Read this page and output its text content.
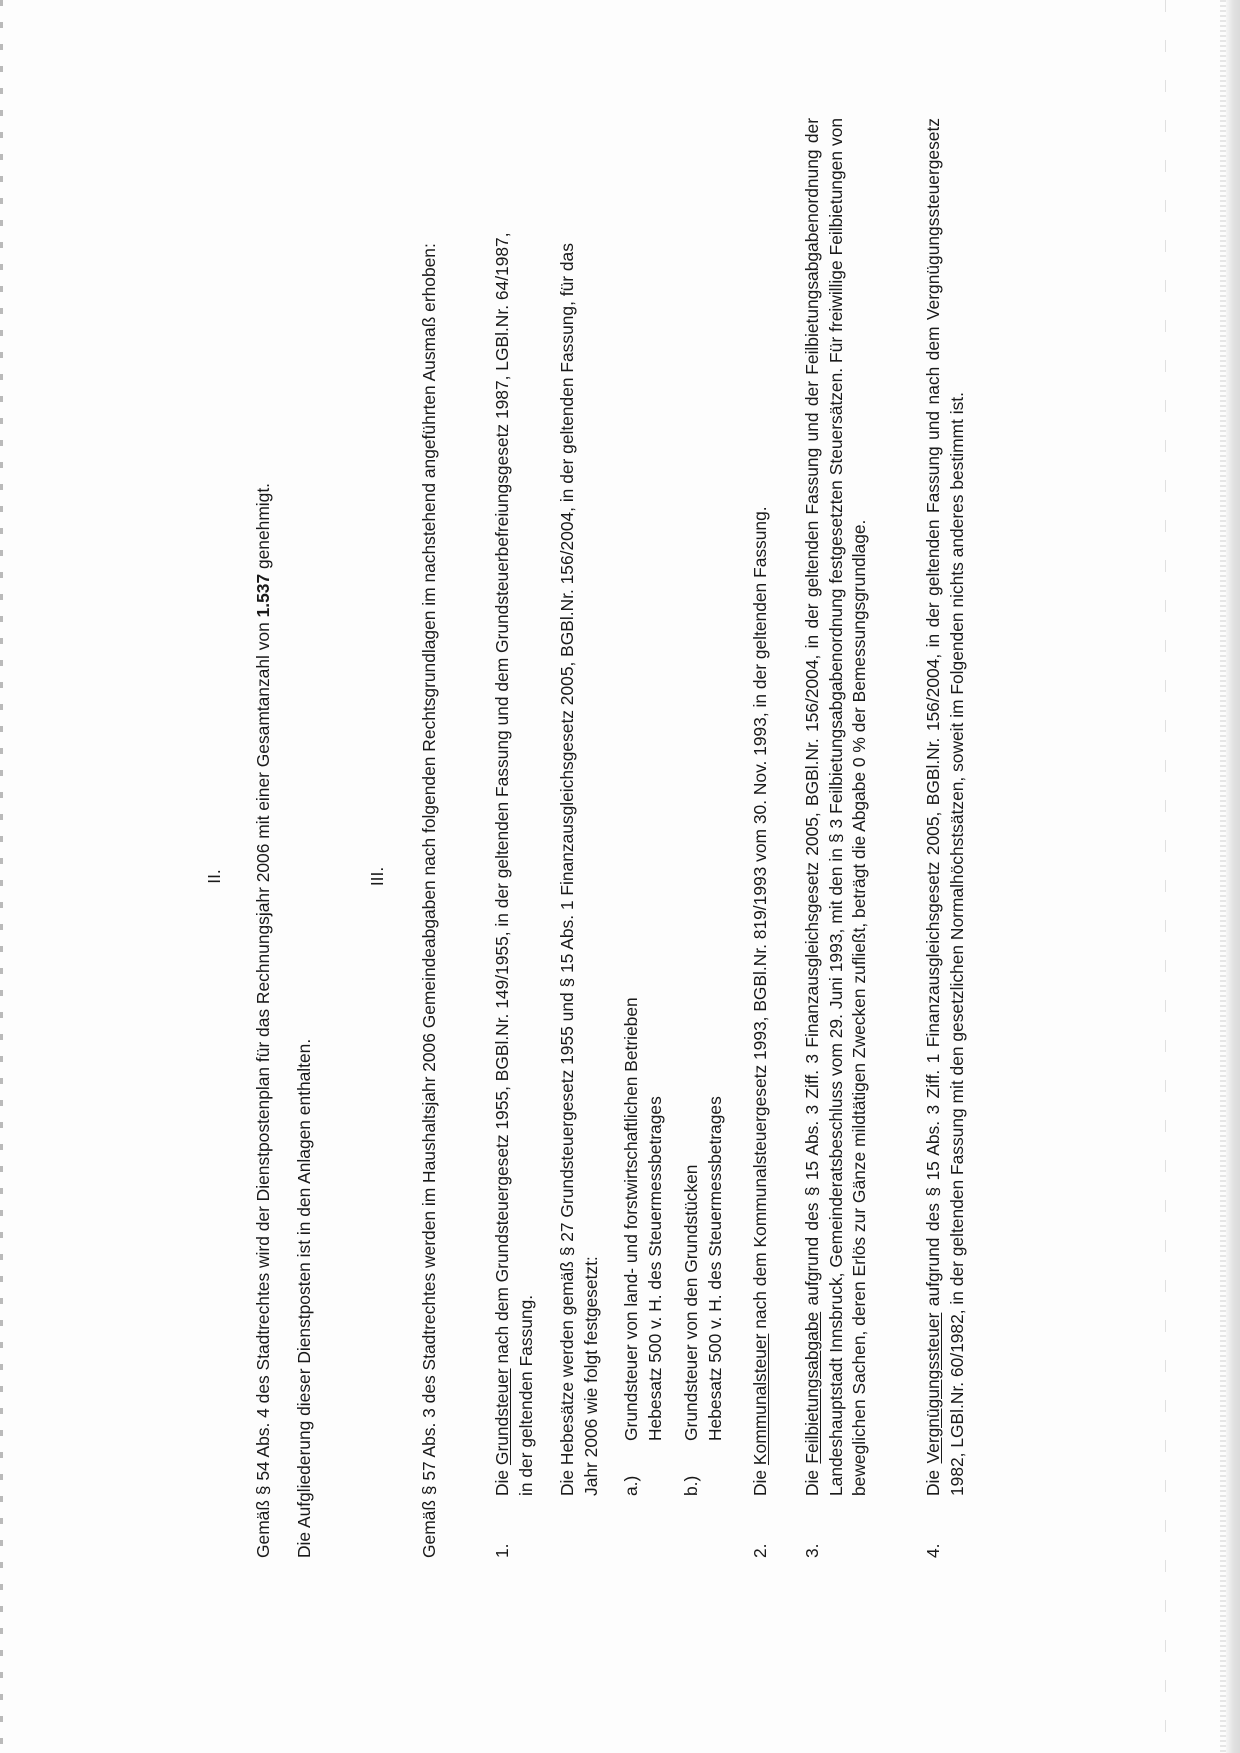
II. Gemäß § 54 Abs. 4 des Stadtrechtes wird der Dienstpostenplan für das Rechnungsjahr 2006 mit einer Gesamtanzahl von 1.537 genehmigt.

Die Aufgliederung dieser Dienstposten ist in den Anlagen enthalten.

III. Gemäß § 57 Abs. 3 des Stadtrechtes werden im Haushaltsjahr 2006 Gemeindeabgaben nach folgenden Rechtsgrundlagen im nachstehend angeführten Ausmaß erhoben:	1.

Die Grundsteuer nach dem Grundsteuergesetz 1955, BGBl.Nr. 149/1955, in der geltenden Fassung und dem Grundsteuerbefreiungsgesetz 1987, LGBl.Nr. 64/1987, in der geltenden Fassung. Die Hebesätze werden gemäß § 27 Grundsteuergesetz 1955 und § 15 Abs. 1 Finanzausgleichsgesetz 2005, BGBl.Nr. 156/2004, in der geltenden Fassung, für das Jahr 2006 wie folgt festgesetzt: a.)
Grundsteuer von land- und forstwirtschaftlichen Betrieben Hebesatz 500 v. H. des Steuermessbetrages
b.)
Grundsteuer von den Grundstücken Hebesatz 500 v. H. des Steuermessbetrages
2.

Die Kommunalsteuer nach dem Kommunalsteuergesetz 1993, BGBl.Nr. 819/1993 vom 30. Nov. 1993, in der geltenden Fassung.

3.

Die Feilbietungsabgabe aufgrund des § 15 Abs. 3 Ziff. 3 Finanzausgleichsgesetz 2005, BGBl.Nr. 156/2004, in der geltenden Fassung und der Feilbietungsabgabenordnung der Landeshauptstadt Innsbruck, Gemeinderatsbeschluss vom 29. Juni 1993, mit den in § 3 Feilbietungsabgabenordnung festgesetzten Steuersätzen. Für freiwillige Feilbietungen von beweglichen Sachen, deren Erlös zur Gänze mildtätigen Zwecken zufließt, beträgt die Abgabe 0 % der Bemessungsgrundlage.

4.

Die Vergnügungssteuer aufgrund des § 15 Abs. 3 Ziff. 1 Finanzausgleichsgesetz 2005, BGBl.Nr. 156/2004, in der geltenden Fassung und nach dem Vergnügungssteuergesetz 1982, LGBl.Nr. 60/1982, in der geltenden Fassung mit den gesetzlichen Normalhöchstsätzen, soweit im Folgenden nichts anderes bestimmt ist.
